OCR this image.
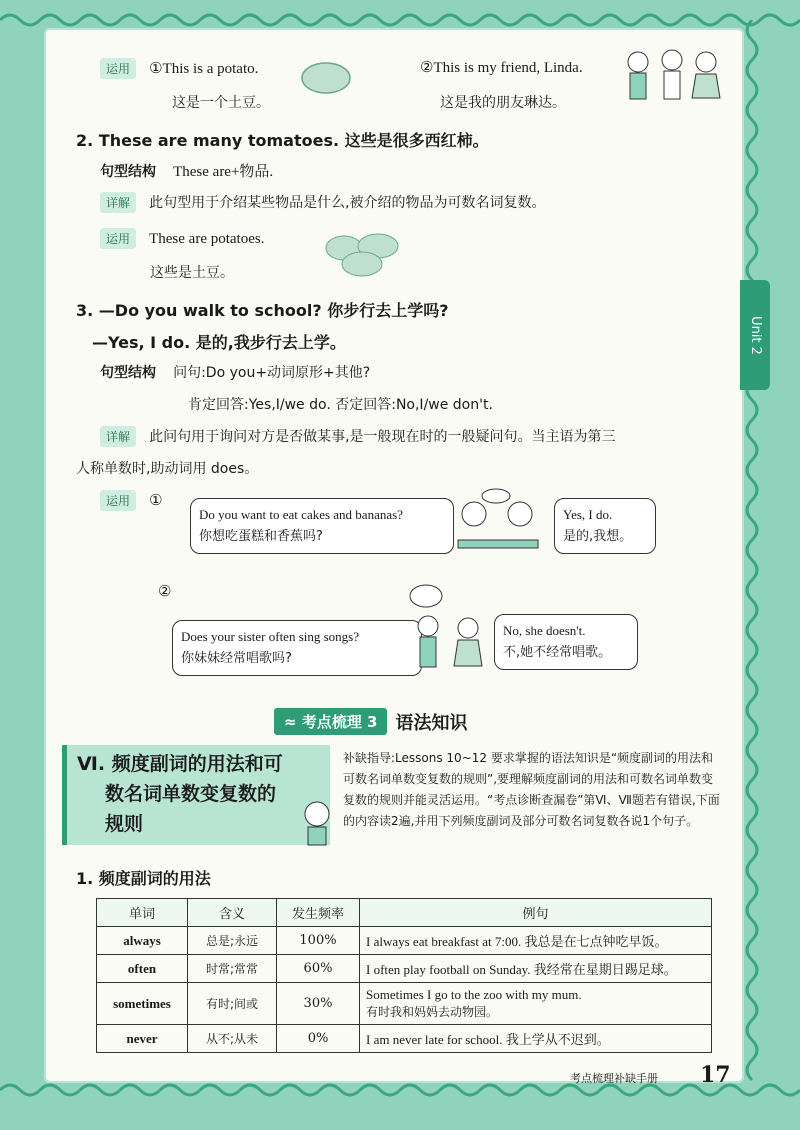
Unit 2
运用 ①This is a potato.
这是一个土豆。
②This is my friend, Linda.
这是我的朋友琳达。
2. These are many tomatoes. 这些是很多西红柿。
句型结构 These are+物品.
详解 此句型用于介绍某些物品是什么,被介绍的物品为可数名词复数。
运用 These are potatoes.
这些是土豆。
3. —Do you walk to school? 你步行去上学吗?
—Yes, I do. 是的,我步行去上学。
句型结构 问句:Do you+动词原形+其他?
肯定回答:Yes,I/we do. 否定回答:No,I/we don't.
详解 此问句用于询问对方是否做某事,是一般现在时的一般疑问句。当主语为第三
人称单数时,助动词用 does。
运用 ①
Do you want to eat cakes and bananas?
你想吃蛋糕和香蕉吗?
Yes, I do.
是的,我想。
②
Does your sister often sing songs?
你妹妹经常唱歌吗?
No, she doesn't.
不,她不经常唱歌。
≈ 考点梳理 3	语法知识
Ⅵ. 频度副词的用法和可
数名词单数变复数的
规则
补缺指导:Lessons 10~12 要求掌握的语法知识是“频度副词的用法和可数名词单数变复数的规则”,要理解频度副词的用法和可数名词单数变复数的规则并能灵活运用。“考点诊断查漏卷”第Ⅵ、Ⅶ题若有错误,下面的内容读2遍,并用下列频度副词及部分可数名词复数各说1个句子。
1. 频度副词的用法
单词	含义	发生频率	例句
always	总是;永远	100%	I always eat breakfast at 7:00. 我总是在七点钟吃早饭。
often	时常;常常	60%	I often play football on Sunday. 我经常在星期日踢足球。
sometimes	有时;间或	30%	Sometimes I go to the zoo with my mum.
有时我和妈妈去动物园。

never	从不;从未	0%	I am never late for school. 我上学从不迟到。
考点梳理补缺手册 17
